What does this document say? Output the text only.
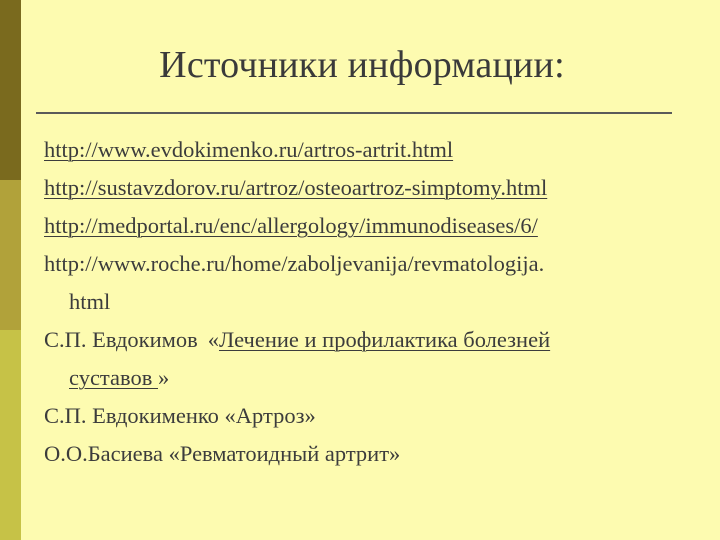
Источники информации:
http://www.evdokimenko.ru/artros-artrit.html
http://sustavzdorov.ru/artroz/osteoartroz-simptomy.html
http://medportal.ru/enc/allergology/immunodiseases/6/
http://www.roche.ru/home/zaboljevanija/revmatologija.
html
С.П. Евдокимов «Лечение и профилактика болезней
суставов »
С.П. Евдокименко «Артроз»
О.О.Басиева «Ревматоидный артрит»
